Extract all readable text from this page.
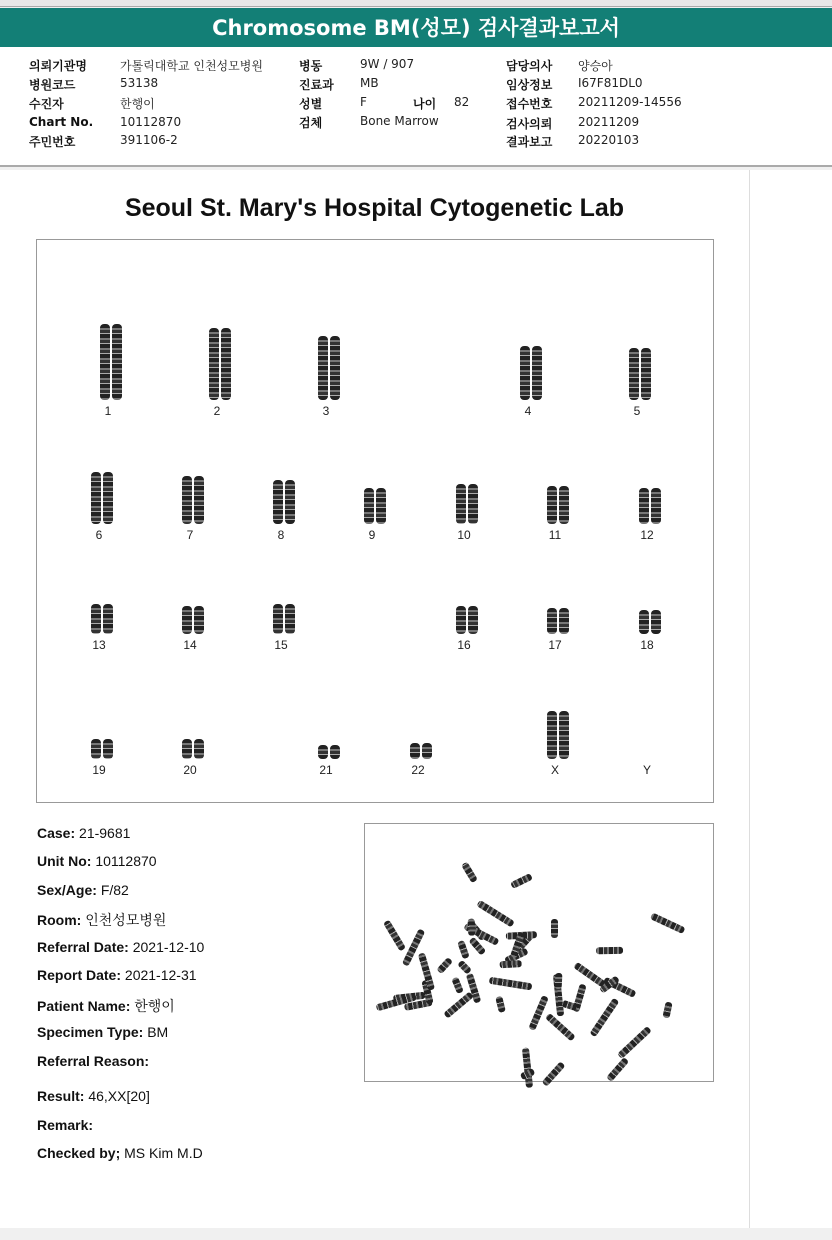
Chromosome BM(성모) 검사결과보고서
의뢰기관명	가톨릭대학교 인천성모병원
병원코드	53138
수진자	한행이
Chart No. 10112870
주민번호	391106-2
병동	9W / 907
진료과 MB
성별	F
검체	Bone Marrow
담당의사 양승아
임상정보 I67F81DL0
접수번호 20211209-14556
검사의뢰 20211209
결과보고 20220103
나이 82
Seoul St. Mary's Hospital Cytogenetic Lab
1	2	3	4	5
6	7	8	9	10	11	12
13	14	15	16	17	18
19	20	21	22	X	Y
Case: 21-9681
Unit No: 10112870
Sex/Age: F/82
Room: 인천성모병원
Referral Date: 2021-12-10
Report Date: 2021-12-31
Patient Name: 한행이
Specimen Type: BM
Referral Reason:
Result: 46,XX[20]
Remark:
Checked by; MS Kim M.D
